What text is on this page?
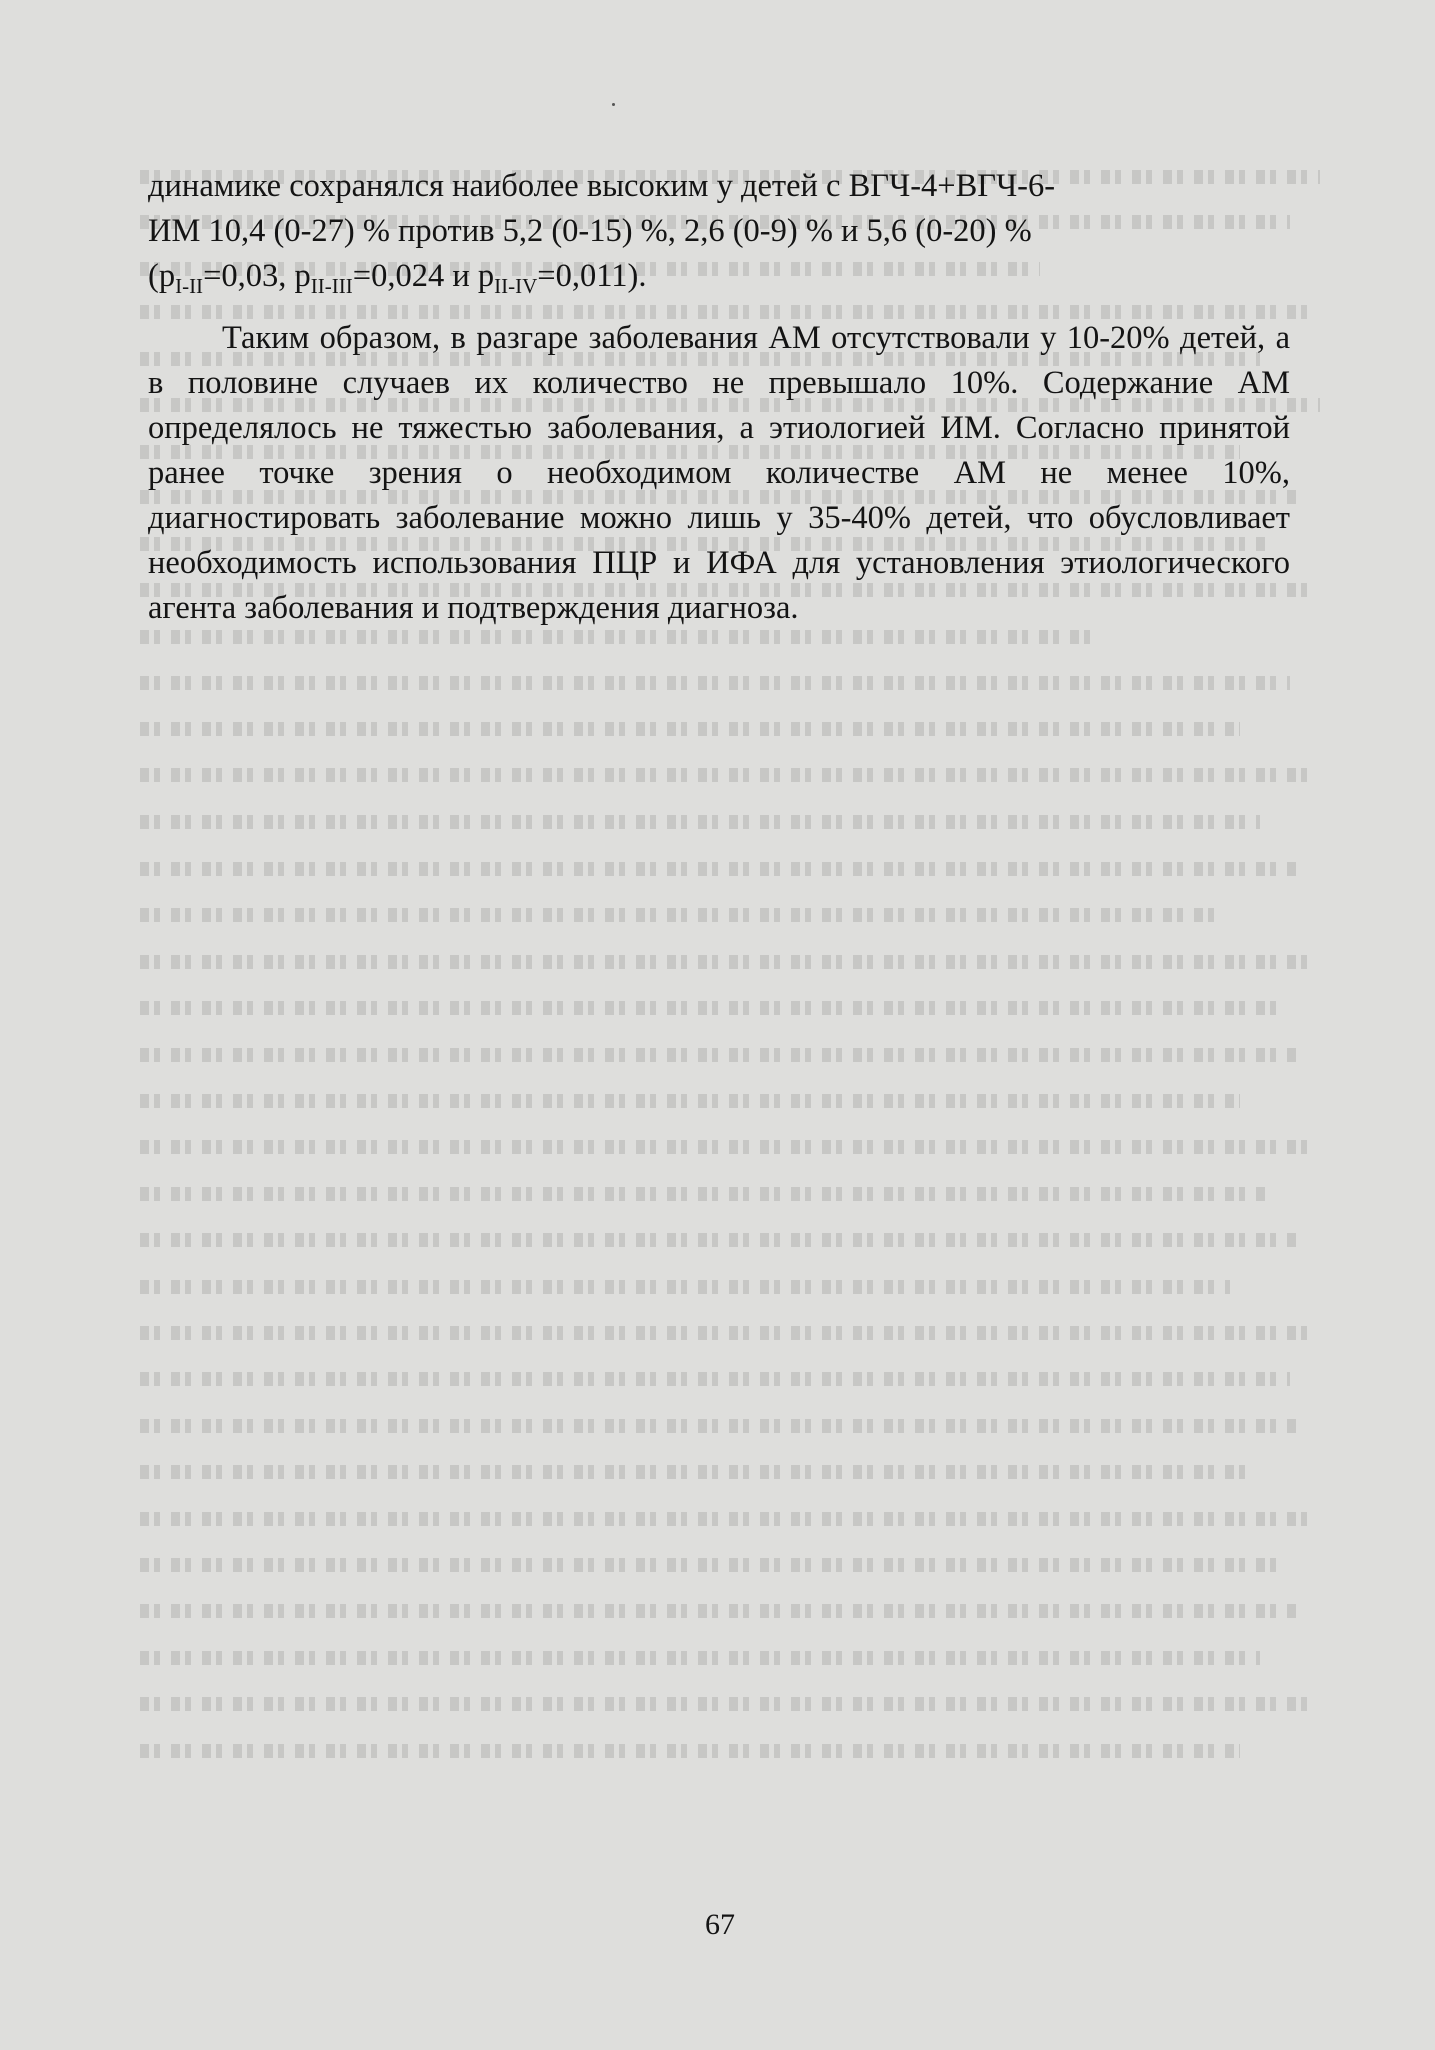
динамике сохранялся наиболее высоким у детей с ВГЧ-4+ВГЧ-6-
ИМ 10,4 (0-27) % против 5,2 (0-15) %, 2,6 (0-9) % и 5,6 (0-20) %
($p_{I-II}=0,03$, $p_{II-III}=0,024$ и $p_{II-IV}=0,011$).

Таким образом, в разгаре заболевания АМ отсутствовали у 10-20% детей, а в половине случаев их количество не превышало 10%. Содержание АМ определялось не тяжестью заболевания, а этиологией ИМ. Согласно принятой ранее точке зрения о необходимом количестве АМ не менее 10%, диагностировать заболевание можно лишь у 35-40% детей, что обусловливает необходимость использования ПЦР и ИФА для установления этиологического агента заболевания и подтверждения диагноза.

67
